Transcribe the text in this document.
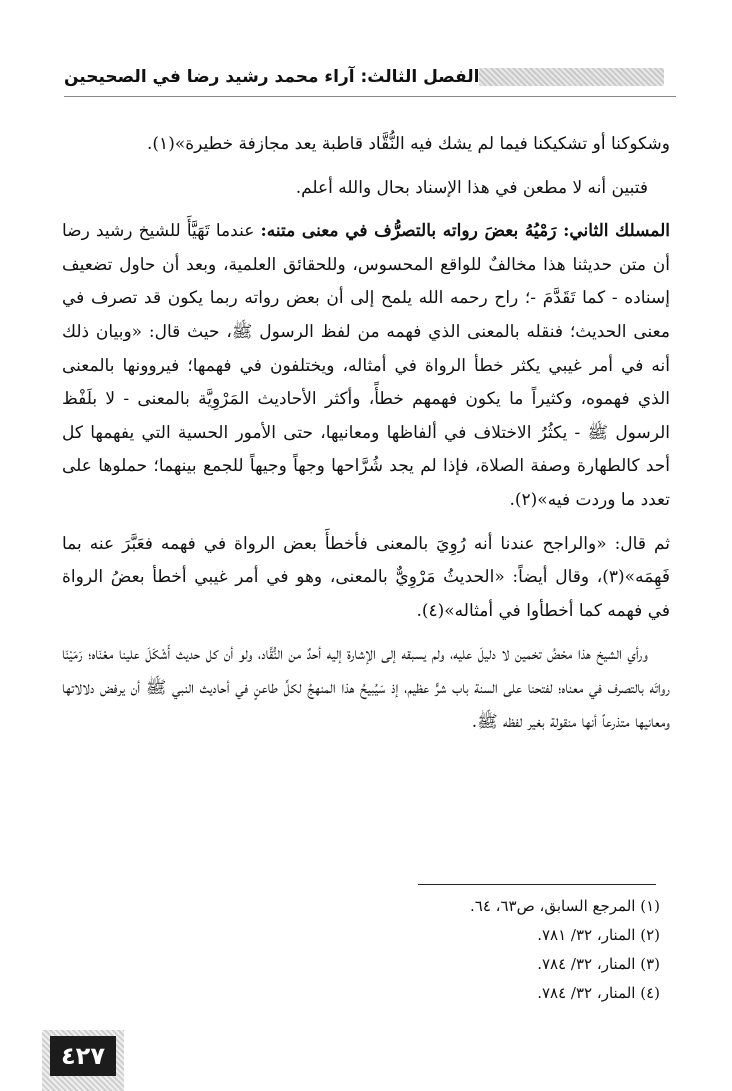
الفصل الثالث: آراء محمد رشيد رضا في الصحيحين

وشكوكنا أو تشكيكنا فيما لم يشك فيه النُّقَّاد قاطبة يعد مجازفة خطيرة»(١).

فتبين أنه لا مطعن في هذا الإسناد بحال والله أعلم.

المسلك الثاني: رَمْيُهُ بعضَ رواته بالتصرُّف في معنى متنه: عندما تَهَيَّأَ للشيخ رشيد رضا أن متن حديثنا هذا مخالفٌ للواقع المحسوس، وللحقائق العلمية، وبعد أن حاول تضعيف إسناده - كما تَقَدَّمَ -؛ راح رحمه الله يلمح إلى أن بعض رواته ربما يكون قد تصرف في معنى الحديث؛ فنقله بالمعنى الذي فهمه من لفظ الرسول ﷺ، حيث قال: «وبيان ذلك أنه في أمر غيبي يكثر خطأ الرواة في أمثاله، ويختلفون في فهمها؛ فيروونها بالمعنى الذي فهموه، وكثيراً ما يكون فهمهم خطأً، وأكثر الأحاديث المَرْوِيَّة بالمعنى - لا بلَفْظ الرسول ﷺ - يكثُرُ الاختلاف في ألفاظها ومعانيها، حتى الأمور الحسية التي يفهمها كل أحد كالطهارة وصفة الصلاة، فإذا لم يجد شُرَّاحها وجهاً وجيهاً للجمع بينهما؛ حملوها على تعدد ما وردت فيه»(٢).

ثم قال: «والراجح عندنا أنه رُوِيَ بالمعنى فأخطأَ بعض الرواة في فهمه فعَبَّرَ عنه بما فَهِمَه»(٣)، وقال أيضاً: «الحديثُ مَرْوِيٌّ بالمعنى، وهو في أمر غيبي أخطأ بعضُ الرواة في فهمه كما أخطأوا في أمثاله»(٤).

ورأي الشيخ هذا محْضُ تخمين لا دليلَ عليه، ولم يسبقه إلى الإشارة إليه أحدٌ من النُّقَّاد، ولو أن كل حديث أَشْكَلَ علينا معْنَاه؛ رَمَيْنَا رواتَه بالتصرف في معناه؛ لفتحنا على السنة باب شرٍّ عظيم، إذ سَيُبيحُ هذا المنهجُ لكلِّ طاعنٍ في أحاديث النبي ﷺ أن يرفض دلالاتها ومعانيها متذرعاً أنها منقولة بغير لفظه ﷺ.

(١) المرجع السابق، ص٦٣، ٦٤.
(٢) المنار، ٣٢/ ٧٨١.
(٣) المنار، ٣٢/ ٧٨٤.
(٤) المنار، ٣٢/ ٧٨٤.
٤٢٧
